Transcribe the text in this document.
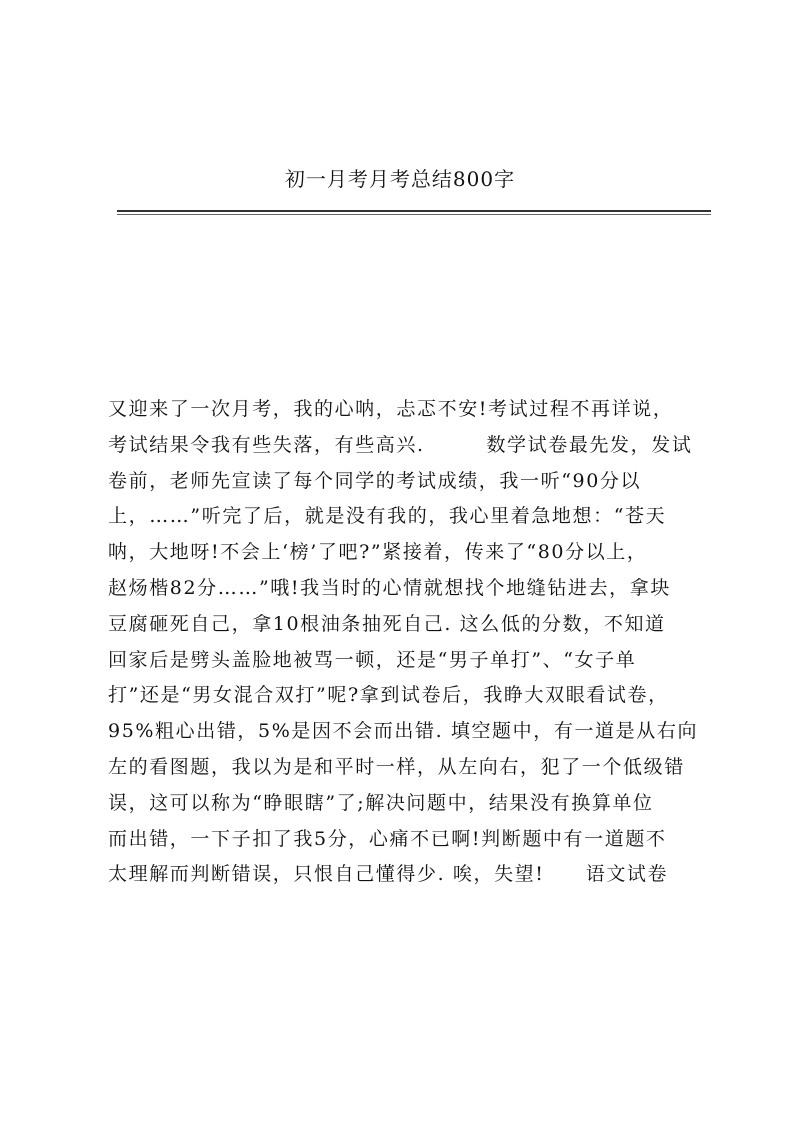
初一月考月考总结800字
又迎来了一次月考，我的心呐，忐忑不安!考试过程不再详说，
考试结果令我有些失落，有些高兴.　　　数学试卷最先发，发试
卷前，老师先宣读了每个同学的考试成绩，我一听“90分以
上，……”听完了后，就是没有我的，我心里着急地想：“苍天
呐，大地呀!不会上‘榜’了吧?”紧接着，传来了“80分以上，
赵炀楷82分……”哦!我当时的心情就想找个地缝钻进去，拿块
豆腐砸死自己，拿10根油条抽死自己. 这么低的分数，不知道
回家后是劈头盖脸地被骂一顿，还是“男子单打”、“女子单
打”还是“男女混合双打”呢?拿到试卷后，我睁大双眼看试卷，
95%粗心出错，5%是因不会而出错. 填空题中，有一道是从右向
左的看图题，我以为是和平时一样，从左向右，犯了一个低级错
误，这可以称为“睁眼瞎”了;解决问题中，结果没有换算单位
而出错，一下子扣了我5分，心痛不已啊!判断题中有一道题不
太理解而判断错误，只恨自己懂得少. 唉，失望!　　语文试卷
